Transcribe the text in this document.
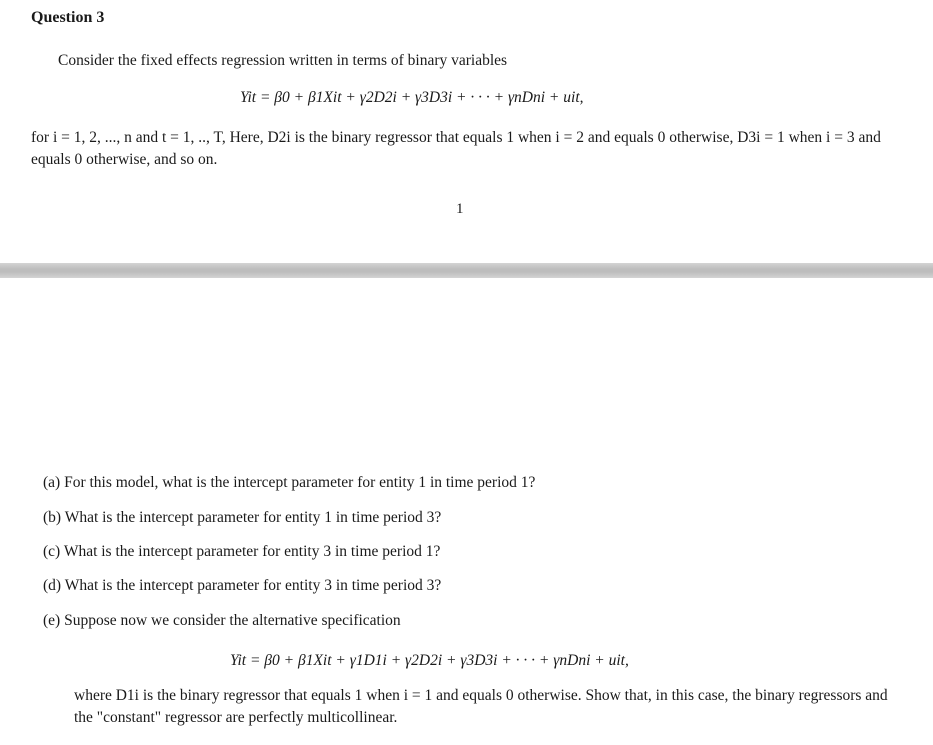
Question 3
Consider the fixed effects regression written in terms of binary variables
Yit = β0 + β1Xit + γ2D2i + γ3D3i + · · · + γnDni + uit,
for i = 1, 2, ..., n and t = 1, .., T, Here, D2i is the binary regressor that equals 1 when i = 2 and equals 0 otherwise, D3i = 1 when i = 3 and equals 0 otherwise, and so on.
1
(a) For this model, what is the intercept parameter for entity 1 in time period 1?
(b) What is the intercept parameter for entity 1 in time period 3?
(c) What is the intercept parameter for entity 3 in time period 1?
(d) What is the intercept parameter for entity 3 in time period 3?
(e) Suppose now we consider the alternative specification
Yit = β0 + β1Xit + γ1D1i + γ2D2i + γ3D3i + · · · + γnDni + uit,
where D1i is the binary regressor that equals 1 when i = 1 and equals 0 otherwise. Show that, in this case, the binary regressors and the "constant" regressor are perfectly multicollinear.
